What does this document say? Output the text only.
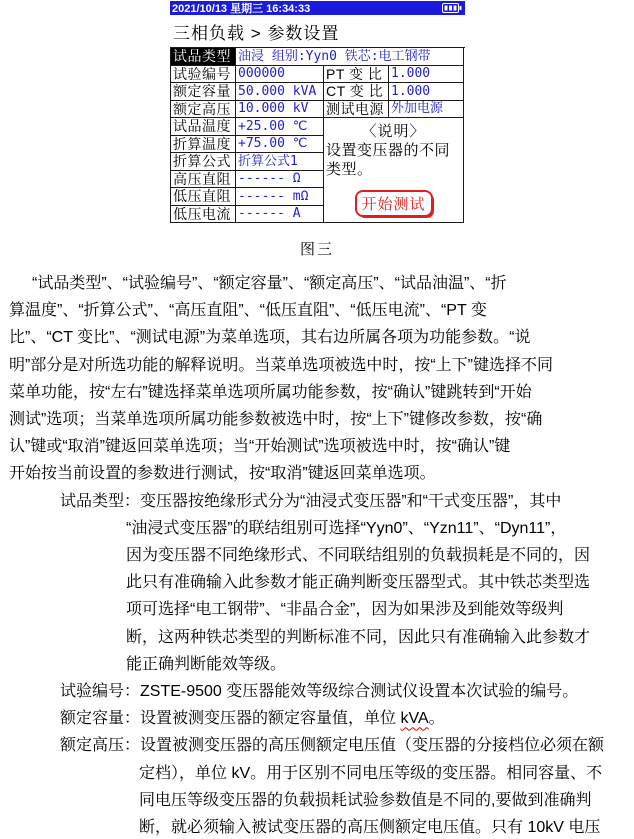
2021/10/13 星期三 16:34:33
三相负载 > 参数设置
试品类型 油浸 组别:Yyn0 铁芯:电工钢带
试验编号 000000	PT 变 比 1.000
额定容量 50.000 kVA CT 变 比 1.000
额定高压 10.000 kV	测试电源 外加电源
试品温度 +25.00 ℃	〈说明〉
设置变压器的不同类型。
开始测试
折算温度 +75.00 ℃
折算公式 折算公式1
高压直阻 ------ Ω
低压直阻 ------ mΩ
低压电流 ------ A
图三
“试品类型”、“试验编号”、“额定容量”、“额定高压”、“试品油温”、“折
算温度”、“折算公式”、“高压直阻”、“低压直阻”、“低压电流”、“PT 变
比”、“CT 变比”、“测试电源”为菜单选项，其右边所属各项为功能参数。“说
明”部分是对所选功能的解释说明。当菜单选项被选中时，按“上下”键选择不同
菜单功能，按“左右”键选择菜单选项所属功能参数，按“确认”键跳转到“开始
测试”选项；当菜单选项所属功能参数被选中时，按“上下”键修改参数，按“确
认”键或“取消”键返回菜单选项；当“开始测试”选项被选中时，按“确认”键
开始按当前设置的参数进行测试，按“取消”键返回菜单选项。
试品类型：变压器按绝缘形式分为“油浸式变压器”和“干式变压器”，其中
“油浸式变压器”的联结组别可选择“Yyn0”、“Yzn11”、“Dyn11”，
因为变压器不同绝缘形式、不同联结组别的负载损耗是不同的，因
此只有准确输入此参数才能正确判断变压器型式。其中铁芯类型选
项可选择“电工钢带”、“非晶合金”，因为如果涉及到能效等级判
断，这两种铁芯类型的判断标准不同，因此只有准确输入此参数才
能正确判断能效等级。
试验编号：ZSTE-9500 变压器能效等级综合测试仪设置本次试验的编号。
额定容量：设置被测变压器的额定容量值，单位 kVA。
额定高压：设置被测变压器的高压侧额定电压值（变压器的分接档位必须在额
定档），单位 kV。用于区别不同电压等级的变压器。相同容量、不
同电压等级变压器的负载损耗试验参数值是不同的,要做到准确判
断，就必须输入被试变压器的高压侧额定电压值。只有 10kV 电压
